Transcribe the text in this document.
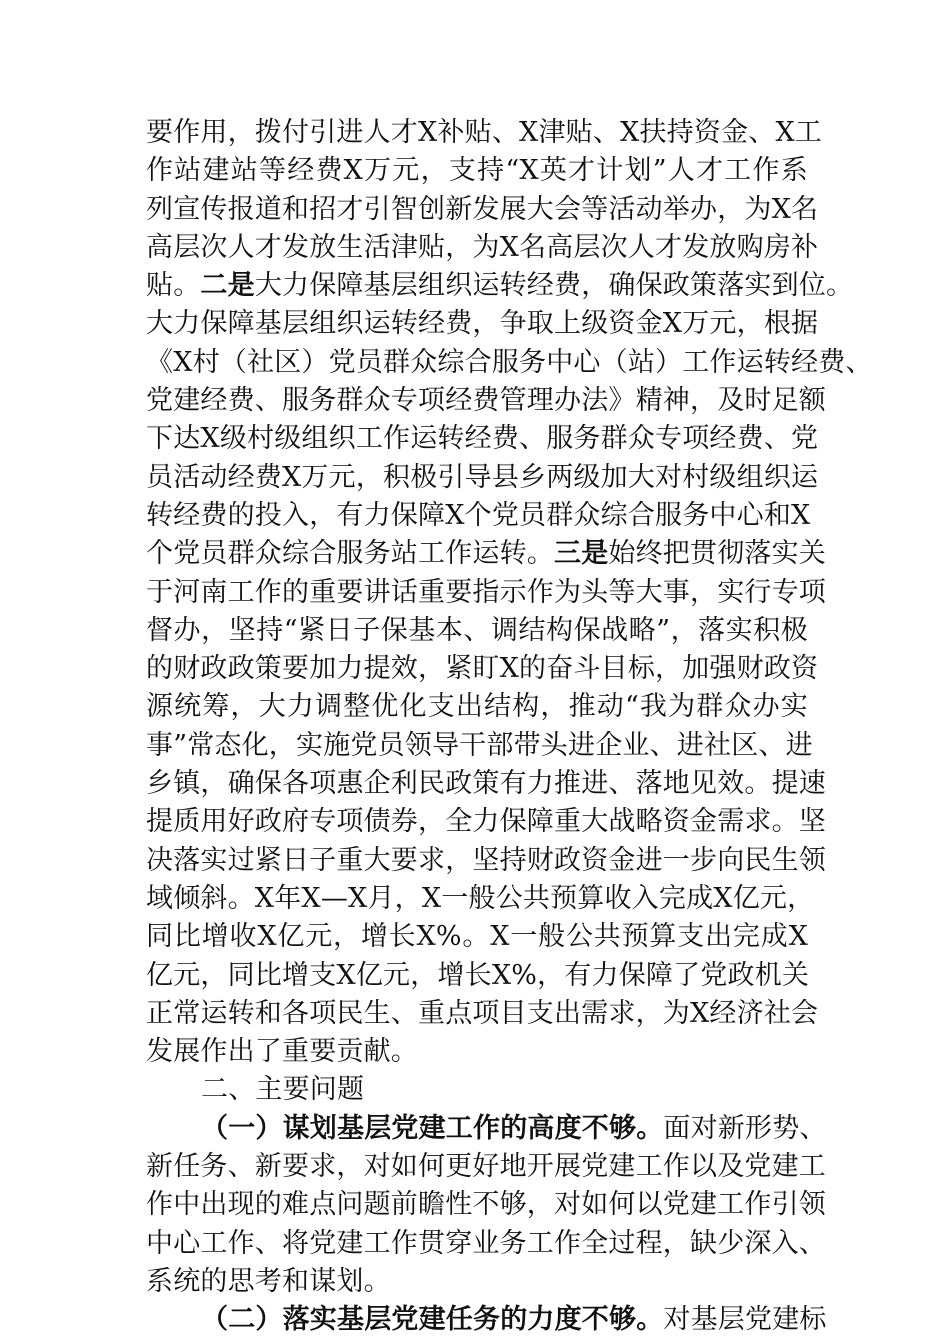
要作用，拨付引进人才X补贴、X津贴、X扶持资金、X工
作站建站等经费X万元，支持“X英才计划”人才工作系
列宣传报道和招才引智创新发展大会等活动举办，为X名
高层次人才发放生活津贴，为X名高层次人才发放购房补
贴。二是大力保障基层组织运转经费，确保政策落实到位。
大力保障基层组织运转经费，争取上级资金X万元，根据
《X村（社区）党员群众综合服务中心（站）工作运转经费、
党建经费、服务群众专项经费管理办法》精神，及时足额
下达X级村级组织工作运转经费、服务群众专项经费、党
员活动经费X万元，积极引导县乡两级加大对村级组织运
转经费的投入，有力保障X个党员群众综合服务中心和X
个党员群众综合服务站工作运转。三是始终把贯彻落实关
于河南工作的重要讲话重要指示作为头等大事，实行专项
督办，坚持“紧日子保基本、调结构保战略”，落实积极
的财政政策要加力提效，紧盯X的奋斗目标，加强财政资
源统筹，大力调整优化支出结构，推动“我为群众办实
事”常态化，实施党员领导干部带头进企业、进社区、进
乡镇，确保各项惠企利民政策有力推进、落地见效。提速
提质用好政府专项债券，全力保障重大战略资金需求。坚
决落实过紧日子重大要求，坚持财政资金进一步向民生领
域倾斜。X年X—X月，X一般公共预算收入完成X亿元，
同比增收X亿元，增长X%。X一般公共预算支出完成X
亿元，同比增支X亿元，增长X%，有力保障了党政机关
正常运转和各项民生、重点项目支出需求，为X经济社会
发展作出了重要贡献。
二、主要问题
（一）谋划基层党建工作的高度不够。面对新形势、
新任务、新要求，对如何更好地开展党建工作以及党建工
作中出现的难点问题前瞻性不够，对如何以党建工作引领
中心工作、将党建工作贯穿业务工作全过程，缺少深入、
系统的思考和谋划。
（二）落实基层党建任务的力度不够。对基层党建标
